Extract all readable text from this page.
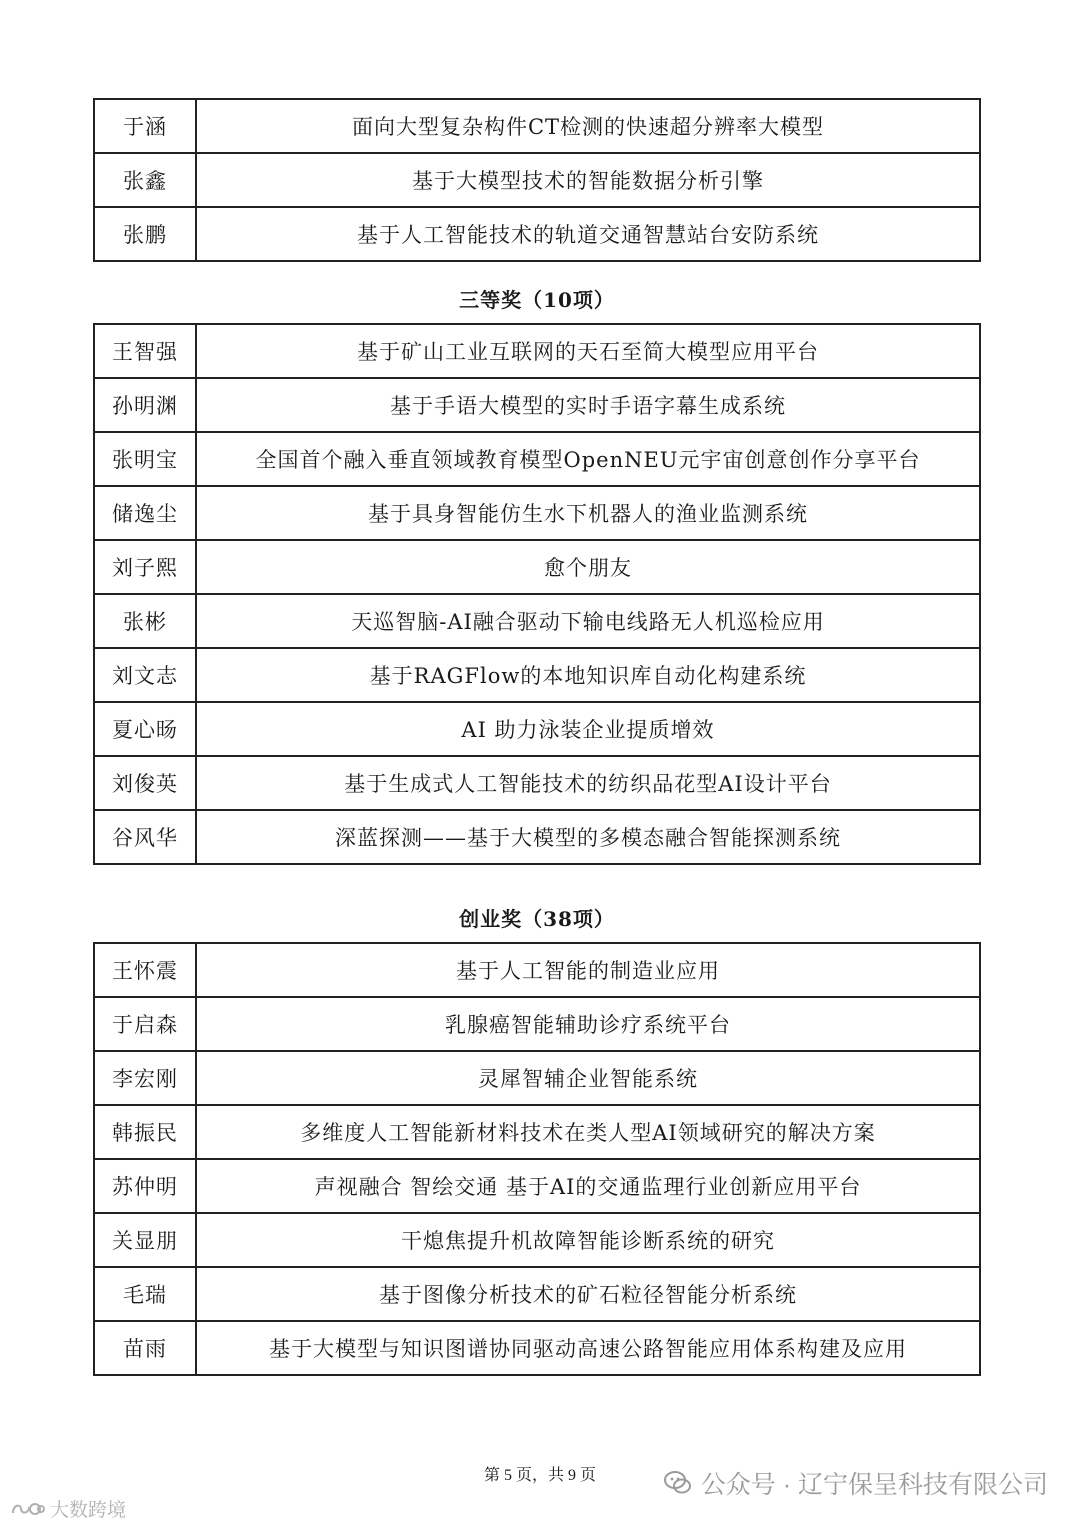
于涵	面向大型复杂构件CT检测的快速超分辨率大模型
张鑫	基于大模型技术的智能数据分析引擎
张鹏	基于人工智能技术的轨道交通智慧站台安防系统
三等奖（10项）
王智强	基于矿山工业互联网的天石至简大模型应用平台
孙明渊	基于手语大模型的实时手语字幕生成系统
张明宝	全国首个融入垂直领域教育模型OpenNEU元宇宙创意创作分享平台
储逸尘	基于具身智能仿生水下机器人的渔业监测系统
刘子熙	愈个朋友
张彬	天巡智脑-AI融合驱动下输电线路无人机巡检应用
刘文志	基于RAGFlow的本地知识库自动化构建系统
夏心旸	AI 助力泳装企业提质增效
刘俊英	基于生成式人工智能技术的纺织品花型AI设计平台
谷风华	深蓝探测——基于大模型的多模态融合智能探测系统
创业奖（38项）
王怀震	基于人工智能的制造业应用
于启森	乳腺癌智能辅助诊疗系统平台
李宏刚	灵犀智辅企业智能系统
韩振民	多维度人工智能新材料技术在类人型AI领域研究的解决方案
苏仲明	声视融合 智绘交通 基于AI的交通监理行业创新应用平台
关显朋	干熄焦提升机故障智能诊断系统的研究
毛瑞	基于图像分析技术的矿石粒径智能分析系统
苗雨	基于大模型与知识图谱协同驱动高速公路智能应用体系构建及应用
第 5 页，共 9 页	公众号 · 辽宁保呈科技有限公司
大数跨境
